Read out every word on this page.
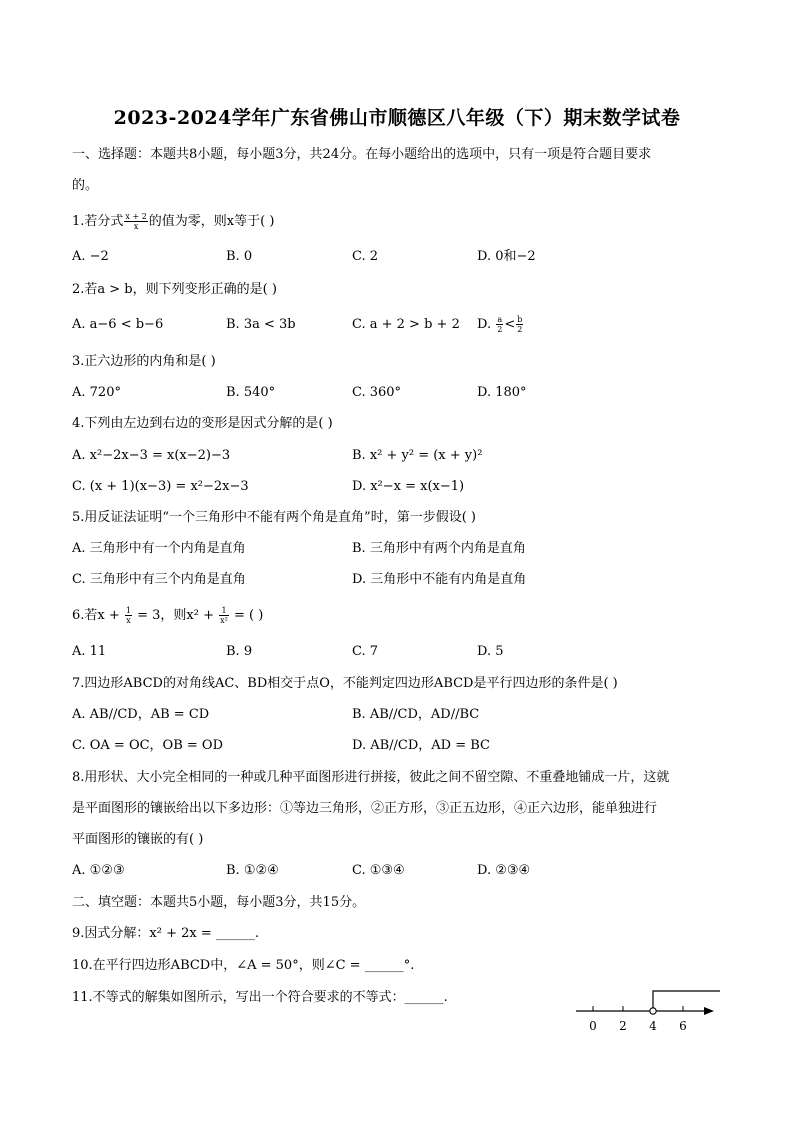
2023-2024学年广东省佛山市顺德区八年级（下）期末数学试卷
一、选择题：本题共8小题，每小题3分，共24分。在每小题给出的选项中，只有一项是符合题目要求
的。
1.若分式 $\frac{x + 2}{x}$ 的值为零，则x等于( )
A. −2	B. 0	C. 2	D. 0和−2
2.若a > b，则下列变形正确的是( )
A. a−6 < b−6	B. 3a < 3b	C. a + 2 > b + 2 D. $\frac{a}{2} < \frac{b}{2}$
3.正六边形的内角和是( )
A. 720°	B. 540°	C. 360°	D. 180°
4.下列由左边到右边的变形是因式分解的是( )
A. x²−2x−3 = x(x−2)−3	B. x² + y² = (x + y)²
C. (x + 1)(x−3) = x²−2x−3	D. x²−x = x(x−1)
5.用反证法证明“一个三角形中不能有两个角是直角”时，第一步假设( )
A. 三角形中有一个内角是直角	B. 三角形中有两个内角是直角
C. 三角形中有三个内角是直角	D. 三角形中不能有内角是直角
6.若$x + \frac{1}{x} = 3$，则$x^2 + \frac{1}{\text{x²}}$ = ( )
A. 11	B. 9	C. 7	D. 5
7.四边形ABCD的对角线AC、BD相交于点O，不能判定四边形ABCD是平行四边形的条件是( )
A. AB//CD，AB = CD	B. AB//CD，AD//BC
C. OA = OC，OB = OD	D. AB//CD，AD = BC
8.用形状、大小完全相同的一种或几种平面图形进行拼接，彼此之间不留空隙、不重叠地铺成一片，这就
是平面图形的镶嵌给出以下多边形：①等边三角形，②正方形，③正五边形，④正六边形，能单独进行
平面图形的镶嵌的有( )
A. ①②③	B. ①②④	C. ①③④	D. ②③④
二、填空题：本题共5小题，每小题3分，共15分。
9.因式分解：x² + 2x = ______.
10.在平行四边形ABCD中，∠A = 50°，则∠C = ______°.
11.不等式的解集如图所示，写出一个符合要求的不等式：______.
0 2 4 6
